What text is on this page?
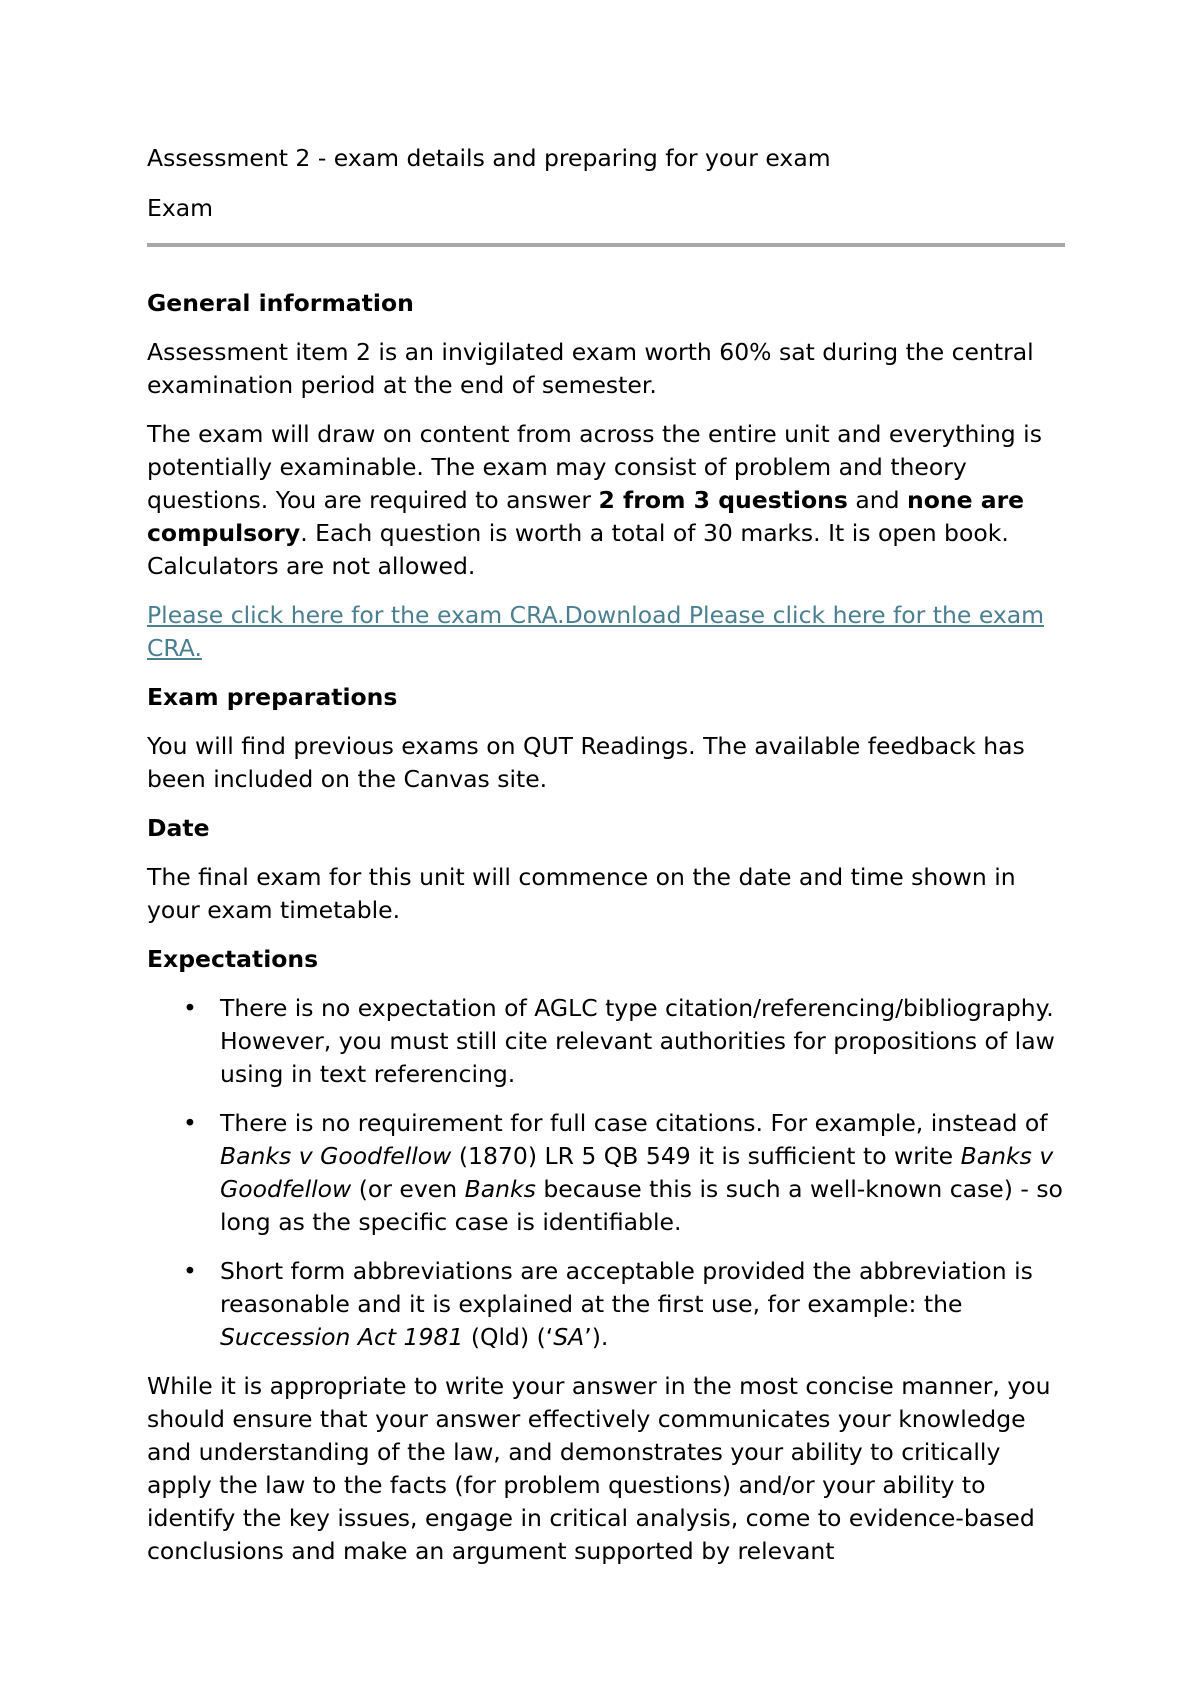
Assessment 2 - exam details and preparing for your exam

Exam

General information

Assessment item 2 is an invigilated exam worth 60% sat during the central examination period at the end of semester.

The exam will draw on content from across the entire unit and everything is potentially examinable. The exam may consist of problem and theory questions. You are required to answer 2 from 3 questions and none are compulsory. Each question is worth a total of 30 marks. It is open book. Calculators are not allowed.

Please click here for the exam CRA.Download Please click here for the exam CRA.

Exam preparations

You will find previous exams on QUT Readings. The available feedback has been included on the Canvas site.

Date

The final exam for this unit will commence on the date and time shown in your exam timetable.

Expectations
• There is no expectation of AGLC type citation/referencing/bibliography. However, you must still cite relevant authorities for propositions of law using in text referencing.
• There is no requirement for full case citations. For example, instead of Banks v Goodfellow (1870) LR 5 QB 549 it is sufficient to write Banks v Goodfellow (or even Banks because this is such a well-known case) - so long as the specific case is identifiable.
• Short form abbreviations are acceptable provided the abbreviation is reasonable and it is explained at the first use, for example: the Succession Act 1981 (Qld) (‘SA’).

While it is appropriate to write your answer in the most concise manner, you should ensure that your answer effectively communicates your knowledge and understanding of the law, and demonstrates your ability to critically apply the law to the facts (for problem questions) and/or your ability to identify the key issues, engage in critical analysis, come to evidence-based conclusions and make an argument supported by relevant
